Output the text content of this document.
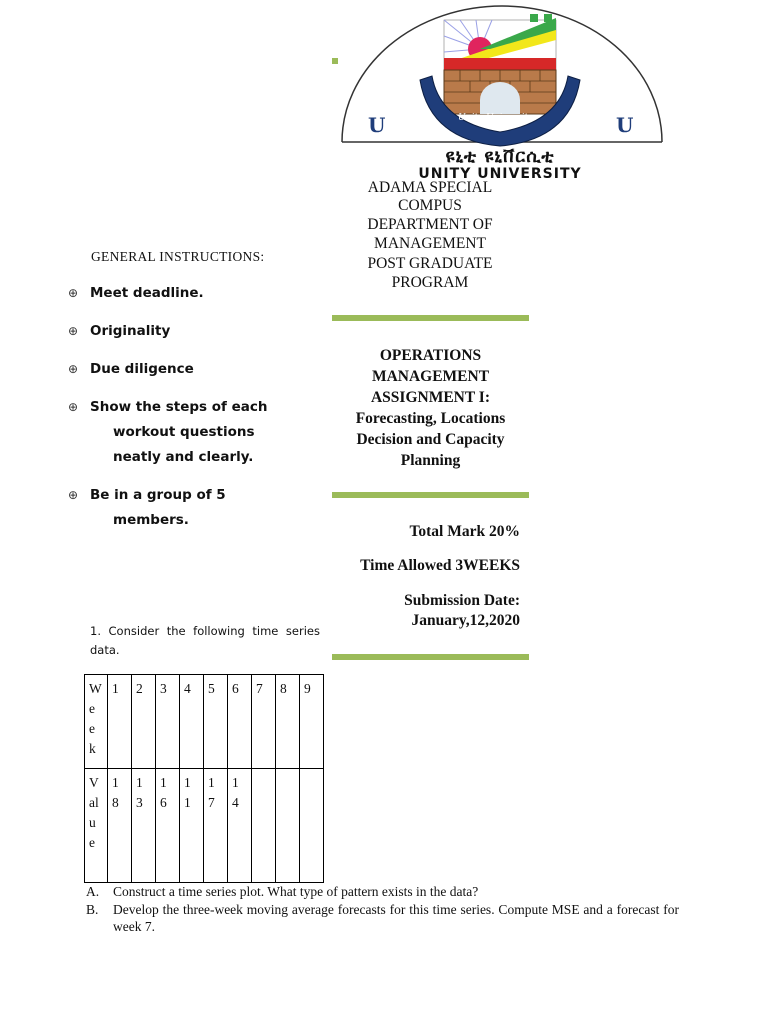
Unity University
U	U
ዩኒቲ ዩኒቨርሲቲ
UNITY UNIVERSITY
ADAMA SPECIAL
COMPUS
DEPARTMENT OF
MANAGEMENT
POST GRADUATE
PROGRAM
OPERATIONS
MANAGEMENT
ASSIGNMENT I:
Forecasting, Locations
Decision and Capacity
Planning
Total Mark 20%
Time Allowed 3WEEKS
Submission Date:
January,12,2020
GENERAL INSTRUCTIONS:
⊕ Meet deadline.
⊕ Originality
⊕ Due diligence
⊕ Show the steps of each
workout questions
neatly and clearly.
⊕ Be in a group of 5
members.
1. Consider the following time series data.
Week	1	2	3	4	5	6	7	8	9

Value	18	13	16	11	17	14			

A. Construct a time series plot. What type of pattern exists in the data?
B. Develop the three-week moving average forecasts for this time series. Compute MSE and a forecast for week 7.
